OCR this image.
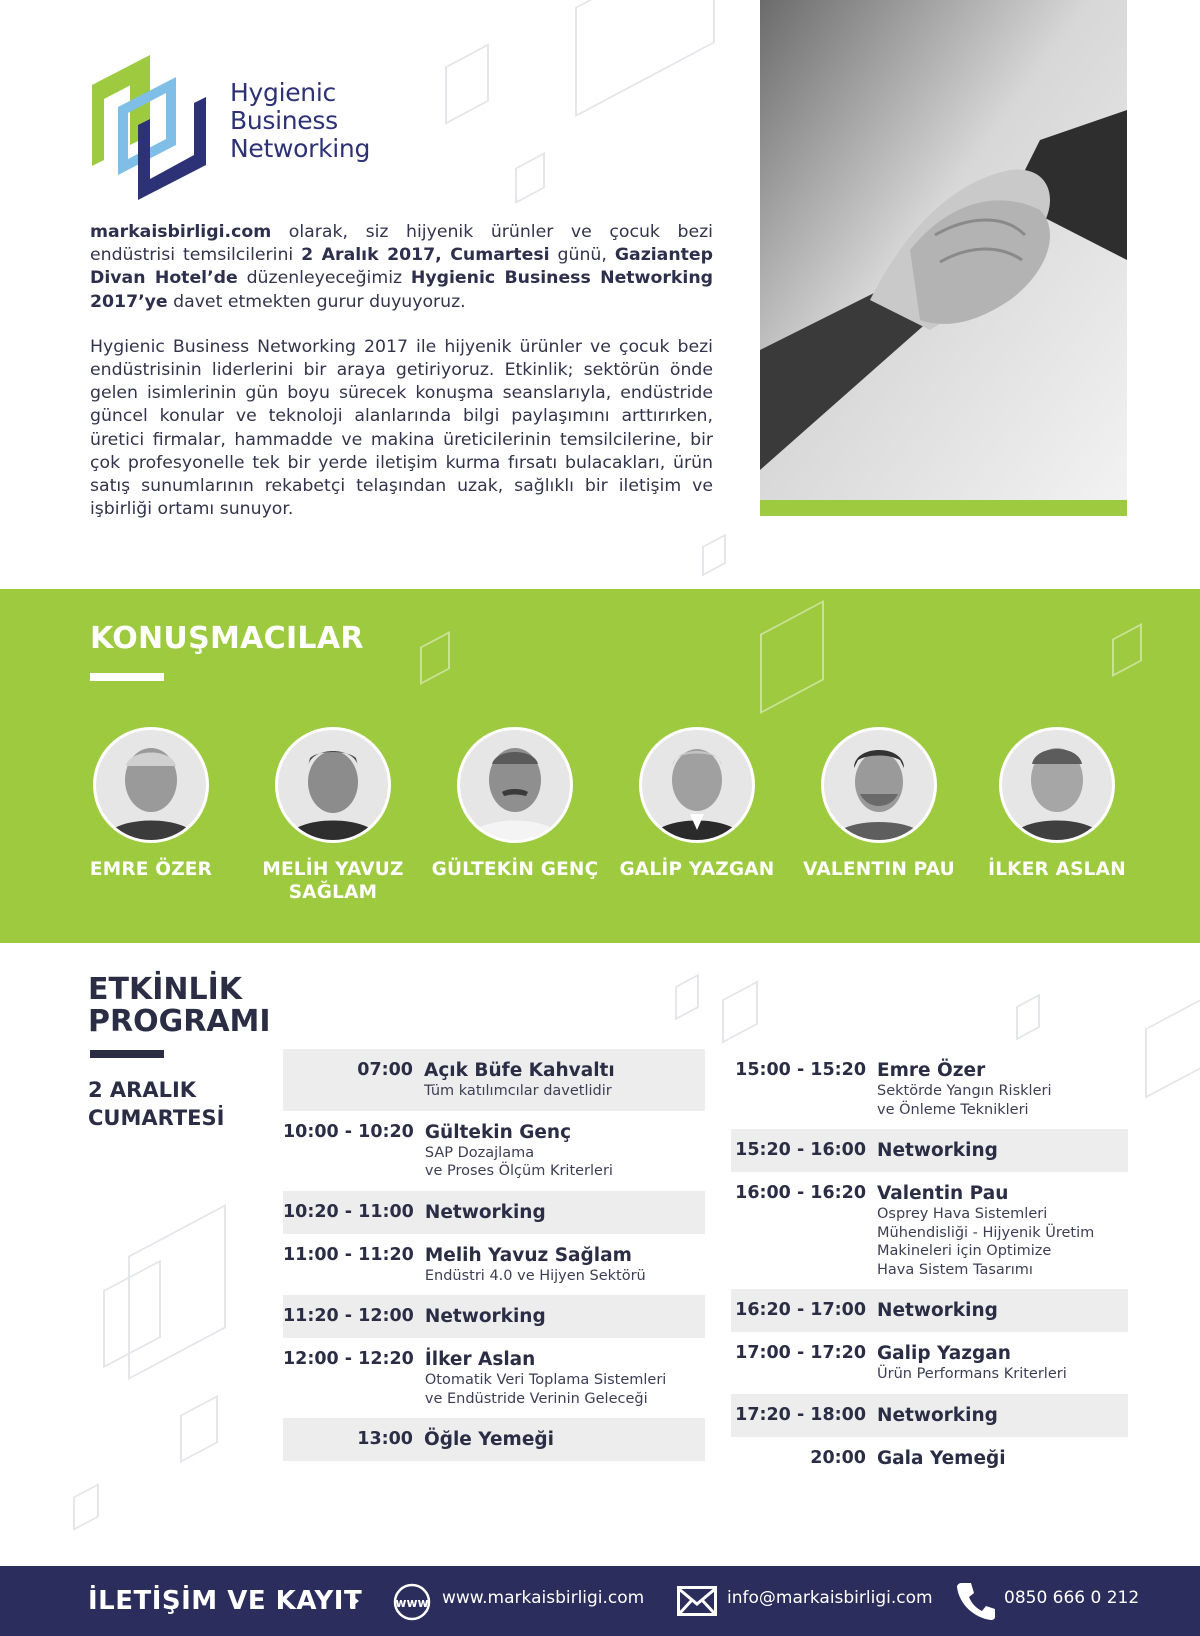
Hygienic
Business
Networking

markaisbirligi.com olarak, siz hijyenik ürünler ve çocuk bezi endüstrisi temsilcilerini 2 Aralık 2017, Cumartesi günü, Gaziantep Divan Hotel’de düzenleyeceğimiz Hygienic Business Networking 2017’ye davet etmekten gurur duyuyoruz.

Hygienic Business Networking 2017 ile hijyenik ürünler ve çocuk bezi endüstrisinin liderlerini bir araya getiriyoruz. Etkinlik; sektörün önde gelen isimlerinin gün boyu sürecek konuşma seanslarıyla, endüstride güncel konular ve teknoloji alanlarında bilgi paylaşımını arttırırken, üretici firmalar, hammadde ve makina üreticilerinin temsilcilerine, bir çok profesyonelle tek bir yerde iletişim kurma fırsatı bulacakları, ürün satış sunumlarının rekabetçi telaşından uzak, sağlıklı bir iletişim ve işbirliği ortamı sunuyor.

KONUŞMACILAR
EMRE ÖZER	MELİH YAVUZ
SAĞLAM
GÜLTEKİN GENÇ	GALİP YAZGAN	VALENTIN PAU	İLKER ASLAN
ETKİNLİK
PROGRAMI
2 ARALIK
CUMARTESİ
07:00 Açık Büfe Kahvaltı
Tüm katılımcılar davetlidir
10:00 - 10:20 Gültekin Genç
SAP Dozajlama
ve Proses Ölçüm Kriterleri
10:20 - 11:00 Networking
11:00 - 11:20 Melih Yavuz Sağlam
Endüstri 4.0 ve Hijyen Sektörü
11:20 - 12:00 Networking
12:00 - 12:20 İlker Aslan
Otomatik Veri Toplama Sistemleri
ve Endüstride Verinin Geleceği
13:00 Öğle Yemeği
15:00 - 15:20 Emre Özer
Sektörde Yangın Riskleri
ve Önleme Teknikleri
15:20 - 16:00 Networking
16:00 - 16:20 Valentin Pau
Osprey Hava Sistemleri
Mühendisliği - Hijyenik Üretim
Makineleri için Optimize
Hava Sistem Tasarımı
16:20 - 17:00 Networking
17:00 - 17:20 Galip Yazgan
Ürün Performans Kriterleri
17:20 - 18:00 Networking
20:00 Gala Yemeği
İLETİŞİM VE KAYIT	www www.markaisbirligi.com	info@markaisbirligi.com	0850 666 0 212
